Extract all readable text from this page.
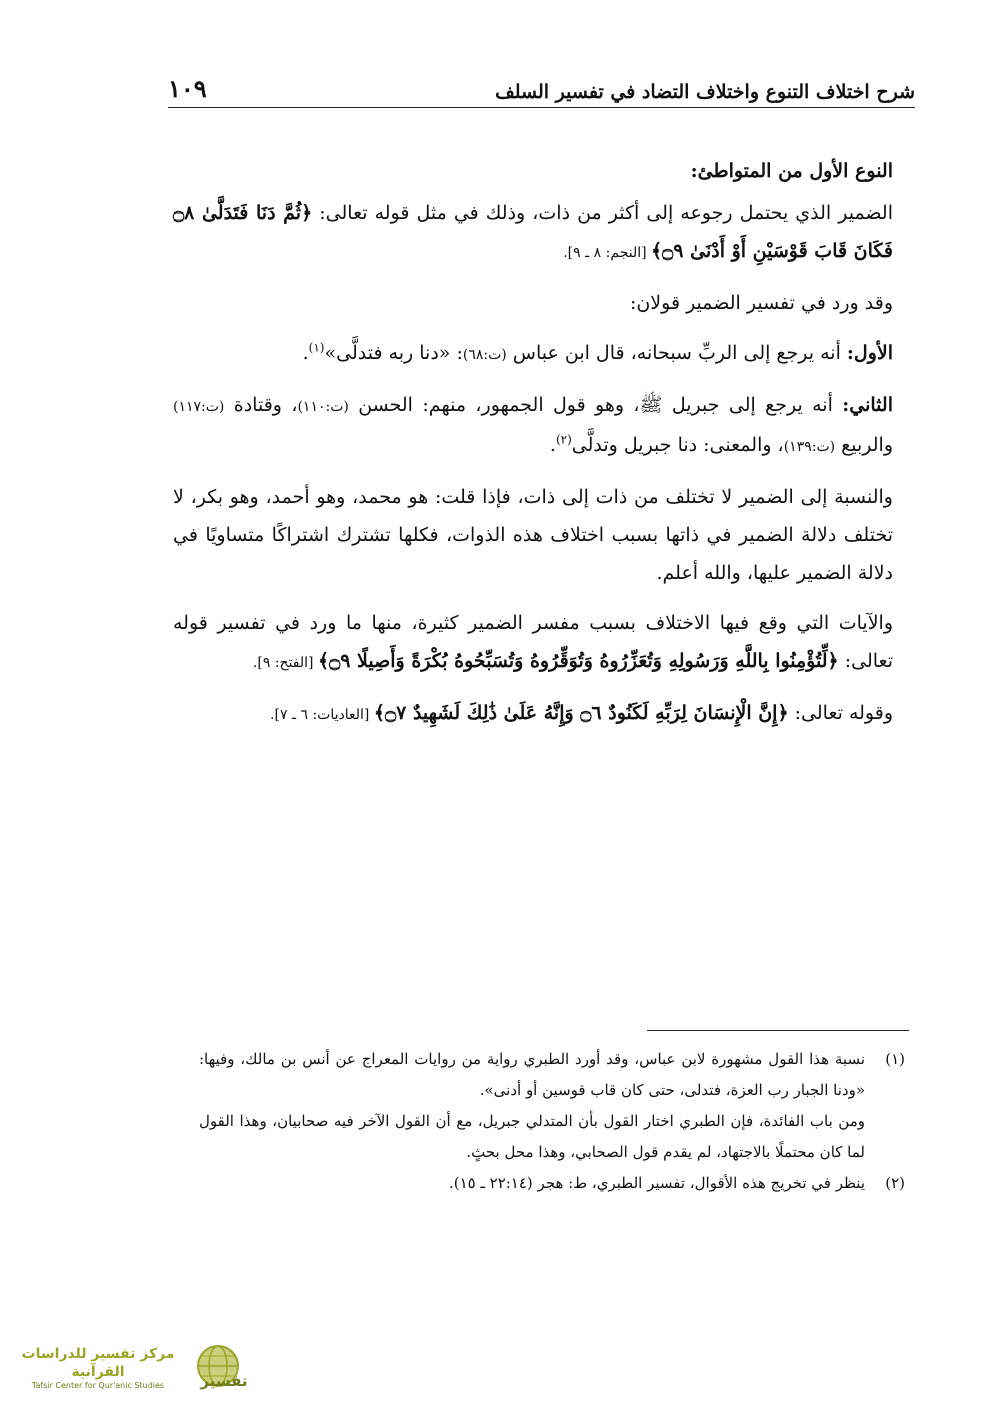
شرح اختلاف التنوع واختلاف التضاد في تفسير السلف
١٠٩

النوع الأول من المتواطئ:

الضمير الذي يحتمل رجوعه إلى أكثر من ذات، وذلك في مثل قوله تعالى: ﴿ثُمَّ دَنَا فَتَدَلَّىٰ ۝٨ فَكَانَ قَابَ قَوْسَيْنِ أَوْ أَدْنَىٰ ۝٩﴾ [النجم: ٨ ـ ٩].

وقد ورد في تفسير الضمير قولان:

الأول: أنه يرجع إلى الربِّ سبحانه، قال ابن عباس (ت:٦٨): «دنا ربه فتدلَّى»$^{(١)}$.

الثاني: أنه يرجع إلى جبريل ﷺ، وهو قول الجمهور، منهم: الحسن (ت:١١٠)، وقتادة (ت:١١٧) والربيع (ت:١٣٩)، والمعنى: دنا جبريل وتدلَّى$^{(٢)}$.

والنسبة إلى الضمير لا تختلف من ذات إلى ذات، فإذا قلت: هو محمد، وهو أحمد، وهو بكر، لا تختلف دلالة الضمير في ذاتها بسبب اختلاف هذه الذوات، فكلها تشترك اشتراكًا متساويًا في دلالة الضمير عليها، والله أعلم.

والآيات التي وقع فيها الاختلاف بسبب مفسر الضمير كثيرة، منها ما ورد في تفسير قوله تعالى: ﴿لِّتُؤْمِنُوا بِاللَّهِ وَرَسُولِهِ وَتُعَزِّرُوهُ وَتُوَقِّرُوهُ وَتُسَبِّحُوهُ بُكْرَةً وَأَصِيلًا ۝٩﴾ [الفتح: ٩].

وقوله تعالى: ﴿إِنَّ الْإِنسَانَ لِرَبِّهِ لَكَنُودٌ ۝٦ وَإِنَّهُ عَلَىٰ ذَٰلِكَ لَشَهِيدٌ ۝٧﴾ [العاديات: ٦ ـ ٧].

(١)
نسبة هذا القول مشهورة لابن عباس، وقد أورد الطبري رواية من روايات المعراج عن أنس بن مالك، وفيها: «ودنا الجبار رب العزة، فتدلى، حتى كان قاب قوسين أو أدنى».
ومن باب الفائدة، فإن الطبري اختار القول بأن المتدلي جبريل، مع أن القول الآخر فيه صحابيان، وهذا القول لما كان محتملًا بالاجتهاد، لم يقدم قول الصحابي، وهذا محل بحثٍ.
(٢)
ينظر في تخريج هذه الأقوال، تفسير الطبري، ط: هجر (٢٢:١٤ ـ ١٥).
مركز تفسير للدراسات القرآنية
Tafsir Center for Qur'anic Studies	تفسير
